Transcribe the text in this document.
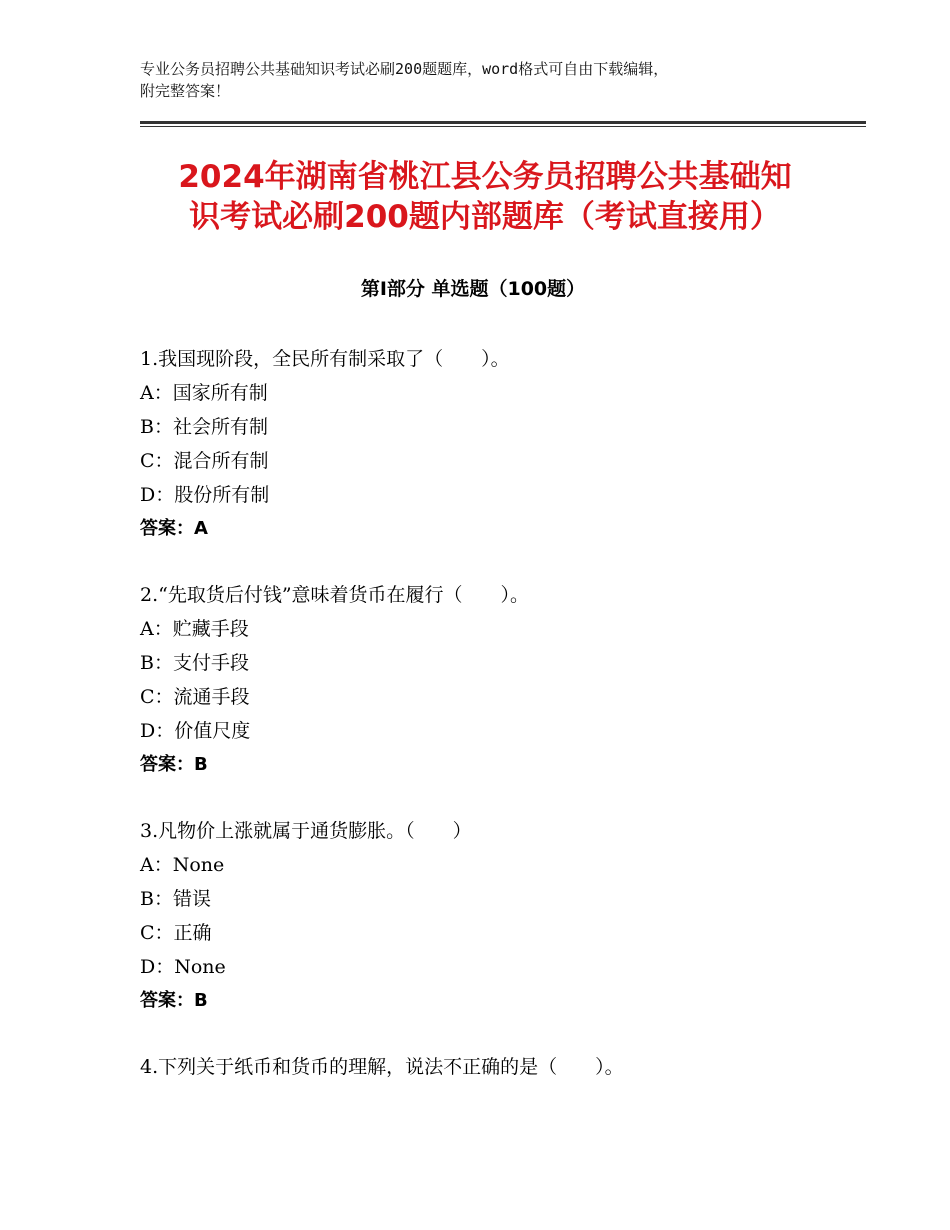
专业公务员招聘公共基础知识考试必刷200题题库，word格式可自由下载编辑，
附完整答案！
2024年湖南省桃江县公务员招聘公共基础知
识考试必刷200题内部题库（考试直接用）
第Ⅰ部分 单选题（100题）
1.我国现阶段，全民所有制采取了（　　）。
A：国家所有制
B：社会所有制
C：混合所有制
D：股份所有制
答案：A
2.“先取货后付钱”意味着货币在履行（　　）。
A：贮藏手段
B：支付手段
C：流通手段
D：价值尺度
答案：B
3.凡物价上涨就属于通货膨胀。（　　）
A：None
B：错误
C：正确
D：None
答案：B
4.下列关于纸币和货币的理解，说法不正确的是（　　）。
